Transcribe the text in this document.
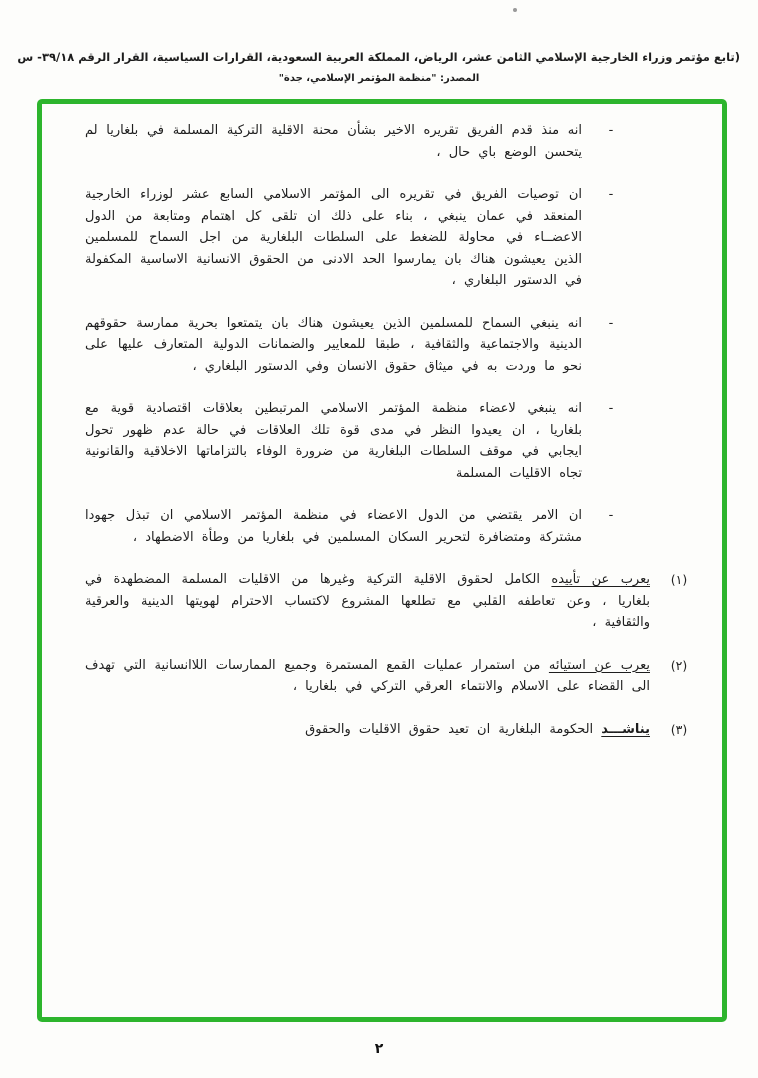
(تابع مؤتمر وزراء الخارجية الإسلامي الثامن عشر، الرياض، المملكة العربية السعودية، القرارات السياسية، القرار الرقم ٣٩/١٨- س
المصدر: "منظمة المؤتمر الإسلامي، جدة"
-

انه منذ قدم الفريق تقريره الاخير بشأن محنة الاقلية التركية المسلمة في بلغاريا لم يتحسن الوضع باي حال ،

-

ان توصيات الفريق في تقريره الى المؤتمر الاسلامي السابع عشر لوزراء الخارجية المنعقد في عمان ينبغي ، بناء على ذلك ان تلقى كل اهتمام ومتابعة من الدول الاعضــاء في محاولة للضغط على السلطات البلغارية من اجل السماح للمسلمين الذين يعيشون هناك بان يمارسوا الحد الادنى من الحقوق الانسانية الاساسية المكفولة في الدستور البلغاري ،

-

انه ينبغي السماح للمسلمين الذين يعيشون هناك بان يتمتعوا بحرية ممارسة حقوقهم الدينية والاجتماعية والثقافية ، طبقا للمعايير والضمانات الدولية المتعارف عليها على نحو ما وردت به في ميثاق حقوق الانسان وفي الدستور البلغاري ،

-

انه ينبغي لاعضاء منظمة المؤتمر الاسلامي المرتبطين بعلاقات اقتصادية قوية مع بلغاريا ، ان يعيدوا النظر في مدى قوة تلك العلاقات في حالة عدم ظهور تحول ايجابي في موقف السلطات البلغارية من ضرورة الوفاء بالتزاماتها الاخلاقية والقانونية تجاه الاقليات المسلمة

-

ان الامر يقتضي من الدول الاعضاء في منظمة المؤتمر الاسلامي ان تبذل جهودا مشتركة ومتضافرة لتحرير السكان المسلمين في بلغاريا من وطأة الاضطهاد ،

(١)

يعرب عن تأييده الكامل لحقوق الاقلية التركية وغيرها من الاقليات المسلمة المضطهدة في بلغاريا ، وعن تعاطفه القلبي مع تطلعها المشروع لاكتساب الاحترام لهويتها الدينية والعرقية والثقافية ،

(٢)

يعرب عن استيائه من استمرار عمليات القمع المستمرة وجميع الممارسات اللاانسانية التي تهدف الى القضاء على الاسلام والانتماء العرقي التركي في بلغاريا ،

(٣)

يناشـــد الحكومة البلغارية ان تعيد حقوق الاقليات والحقوق

٢
